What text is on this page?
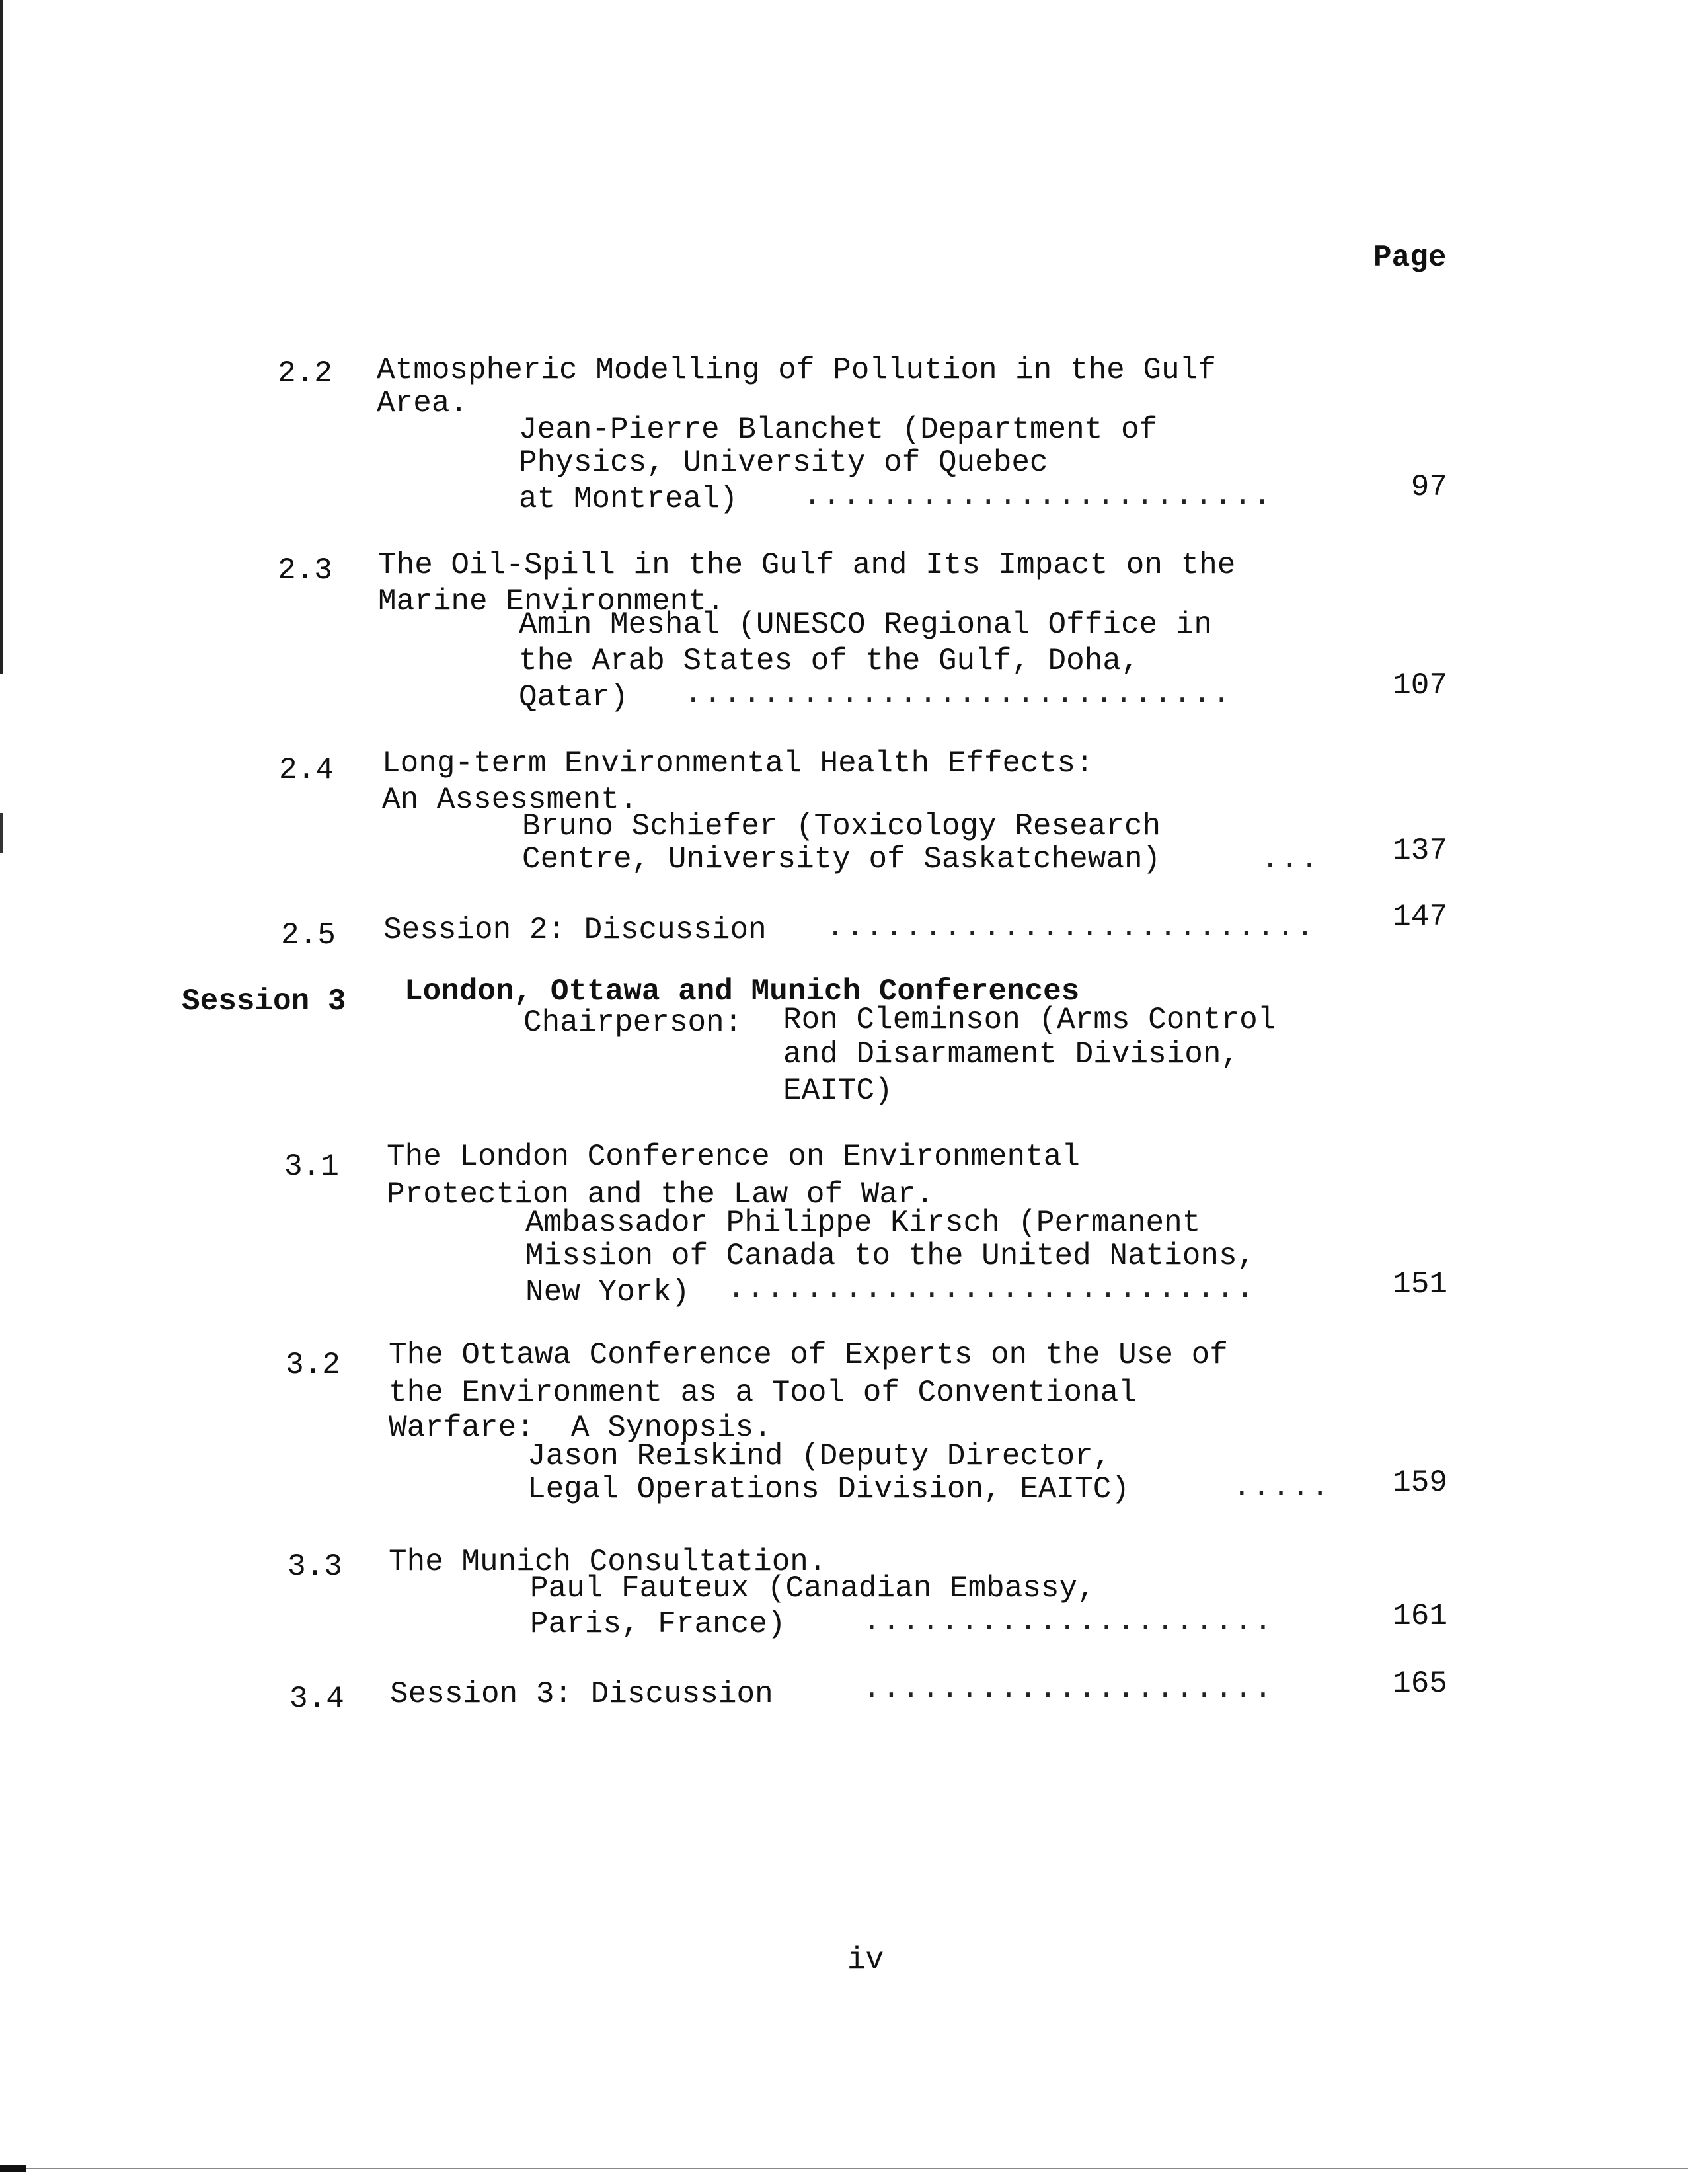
Page
2.2	Atmospheric Modelling of Pollution in the Gulf
Area.
Jean-Pierre Blanchet (Department of
Physics, University of Quebec
at Montreal) ........................	97
2.3	The Oil-Spill in the Gulf and Its Impact on the
Marine Environment.
Amin Meshal (UNESCO Regional Office in
the Arab States of the Gulf, Doha,
Qatar) ............................	107
2.4	Long-term Environmental Health Effects:
An Assessment.
Bruno Schiefer (Toxicology Research
Centre, University of Saskatchewan)	...	137
2.5	Session 2: Discussion .........................	147
Session 3 London, Ottawa and Munich Conferences
Chairperson: Ron Cleminson (Arms Control
and Disarmament Division,
EAITC)
3.1	The London Conference on Environmental
Protection and the Law of War.
Ambassador Philippe Kirsch (Permanent
Mission of Canada to the United Nations,
New York) ...........................	151
3.2	The Ottawa Conference of Experts on the Use of
the Environment as a Tool of Conventional
Warfare:  A Synopsis.
Jason Reiskind (Deputy Director,
Legal Operations Division, EAITC)	.....	159
3.3	The Munich Consultation.
Paul Fauteux (Canadian Embassy,
Paris, France)	.....................	161
3.4	Session 3: Discussion	.....................	165
iv
